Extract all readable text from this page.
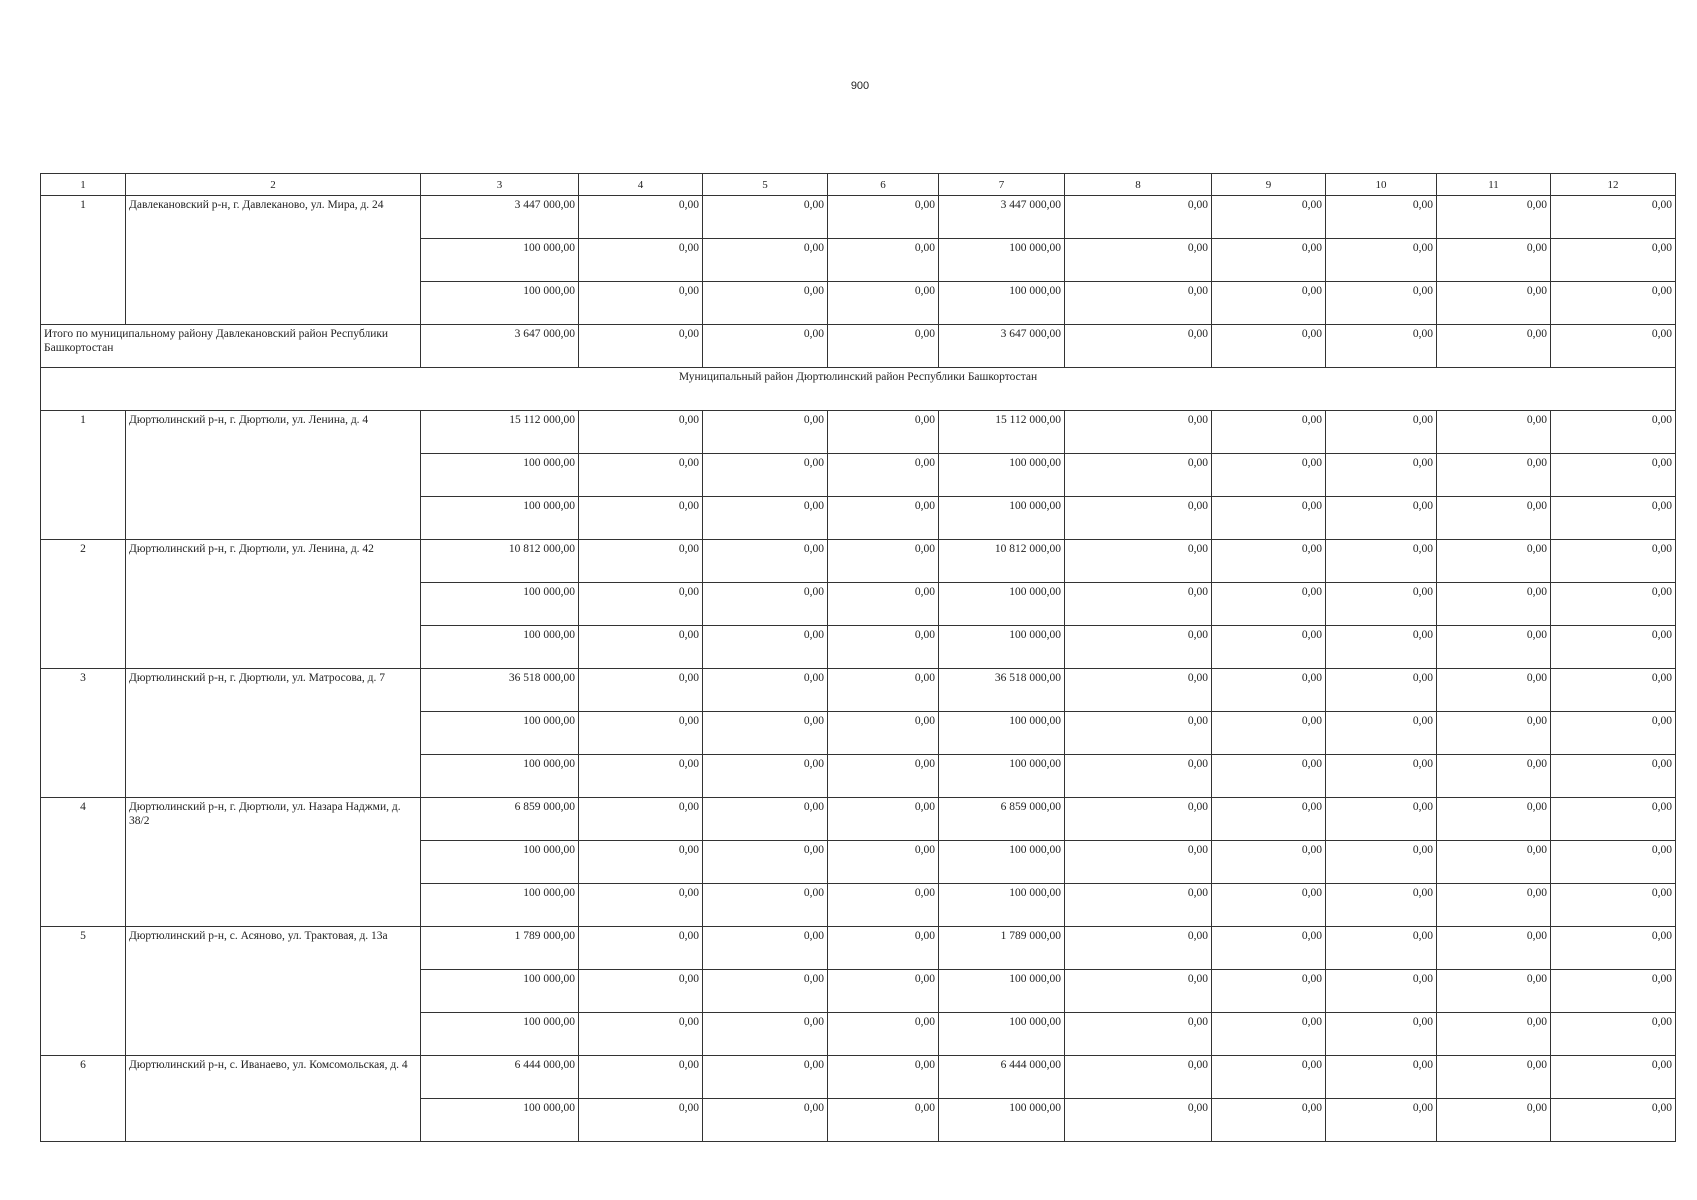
900
1	2	3	4	5	6	7	8	9	10	11	12
1	Давлекановский р-н, г. Давлеканово, ул. Мира, д. 24	3 447 000,00	0,00	0,00	0,00	3 447 000,00	0,00	0,00	0,00	0,00	0,00
		100 000,00	0,00	0,00	0,00	100 000,00	0,00	0,00	0,00	0,00	0,00
		100 000,00	0,00	0,00	0,00	100 000,00	0,00	0,00	0,00	0,00	0,00
Итого по муниципальному району Давлекановский район Республики Башкортостан		3 647 000,00	0,00	0,00	0,00	3 647 000,00	0,00	0,00	0,00	0,00	0,00
Муниципальный район Дюртюлинский район Республики Башкортостан											
1	Дюртюлинский р-н, г. Дюртюли, ул. Ленина, д. 4	15 112 000,00	0,00	0,00	0,00	15 112 000,00	0,00	0,00	0,00	0,00	0,00
		100 000,00	0,00	0,00	0,00	100 000,00	0,00	0,00	0,00	0,00	0,00
		100 000,00	0,00	0,00	0,00	100 000,00	0,00	0,00	0,00	0,00	0,00
2	Дюртюлинский р-н, г. Дюртюли, ул. Ленина, д. 42	10 812 000,00	0,00	0,00	0,00	10 812 000,00	0,00	0,00	0,00	0,00	0,00
		100 000,00	0,00	0,00	0,00	100 000,00	0,00	0,00	0,00	0,00	0,00
		100 000,00	0,00	0,00	0,00	100 000,00	0,00	0,00	0,00	0,00	0,00
3	Дюртюлинский р-н, г. Дюртюли, ул. Матросова, д. 7	36 518 000,00	0,00	0,00	0,00	36 518 000,00	0,00	0,00	0,00	0,00	0,00
		100 000,00	0,00	0,00	0,00	100 000,00	0,00	0,00	0,00	0,00	0,00
		100 000,00	0,00	0,00	0,00	100 000,00	0,00	0,00	0,00	0,00	0,00
4	Дюртюлинский р-н, г. Дюртюли, ул. Назара Наджми, д. 38/2	6 859 000,00	0,00	0,00	0,00	6 859 000,00	0,00	0,00	0,00	0,00	0,00
		100 000,00	0,00	0,00	0,00	100 000,00	0,00	0,00	0,00	0,00	0,00
		100 000,00	0,00	0,00	0,00	100 000,00	0,00	0,00	0,00	0,00	0,00
5	Дюртюлинский р-н, с. Асяново, ул. Трактовая, д. 13а	1 789 000,00	0,00	0,00	0,00	1 789 000,00	0,00	0,00	0,00	0,00	0,00
		100 000,00	0,00	0,00	0,00	100 000,00	0,00	0,00	0,00	0,00	0,00
		100 000,00	0,00	0,00	0,00	100 000,00	0,00	0,00	0,00	0,00	0,00
6	Дюртюлинский р-н, с. Иванаево, ул. Комсомольская, д. 4	6 444 000,00	0,00	0,00	0,00	6 444 000,00	0,00	0,00	0,00	0,00	0,00
		100 000,00	0,00	0,00	0,00	100 000,00	0,00	0,00	0,00	0,00	0,00
